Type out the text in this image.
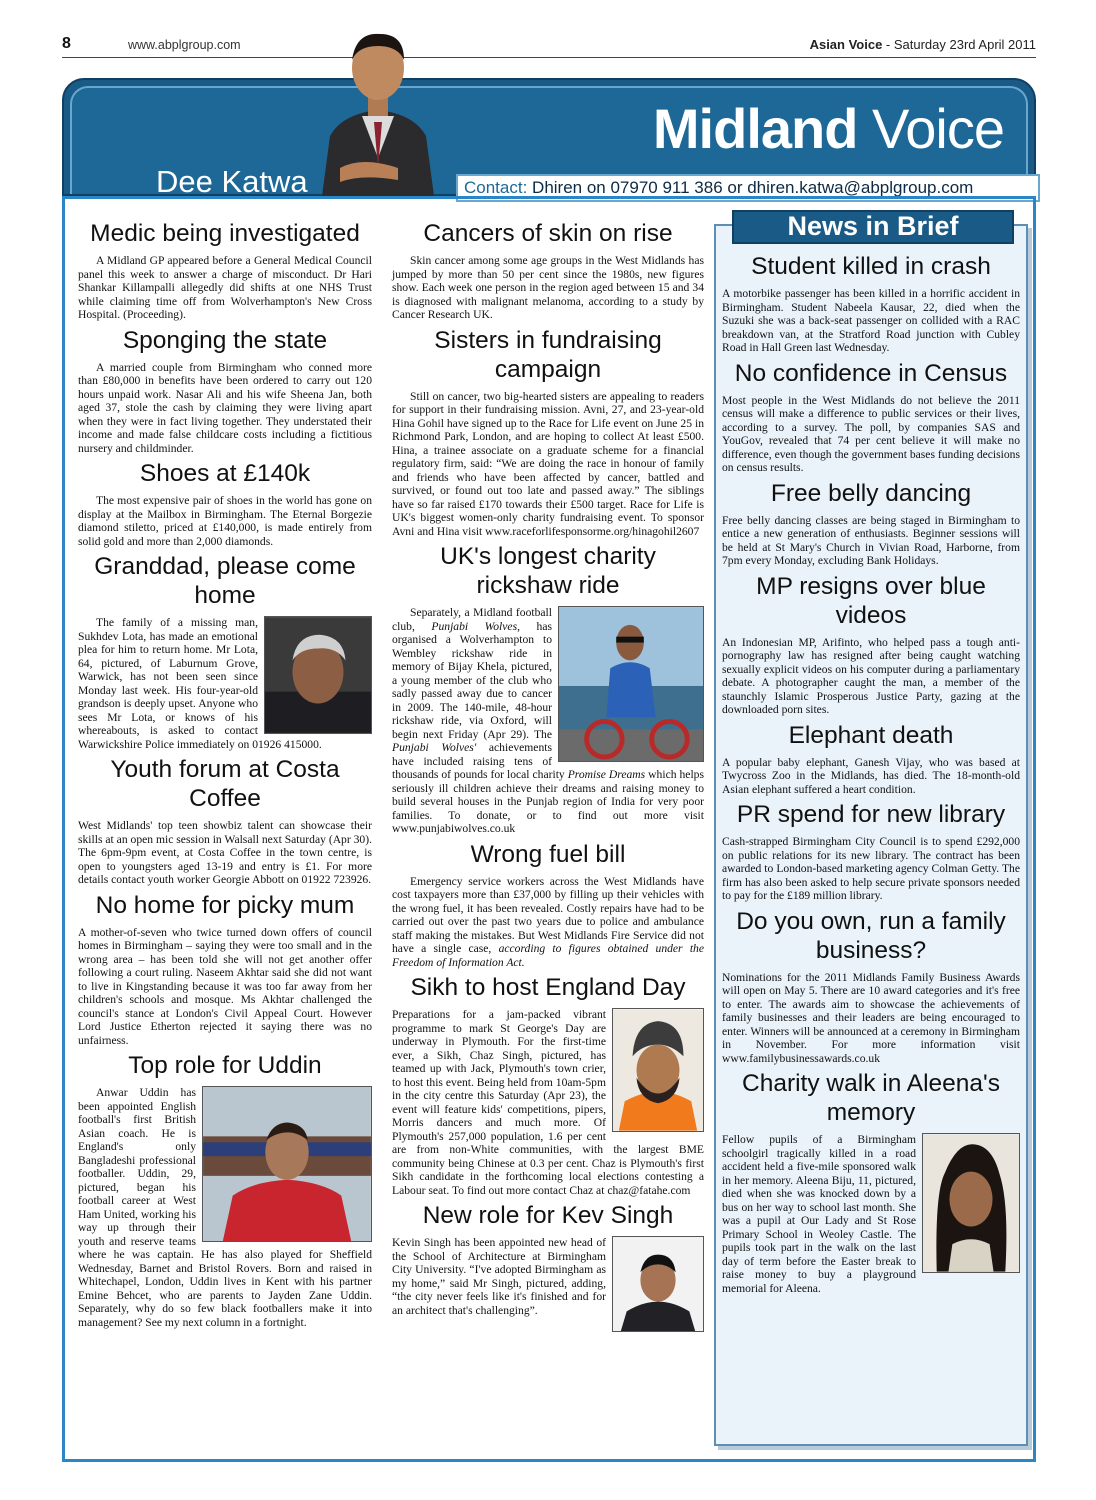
8	www.abplgroup.com	Asian Voice - Saturday 23rd April 2011
Midland Voice
Dee Katwa	Contact: Dhiren on 07970 911 386 or dhiren.katwa@abplgroup.com
Medic being investigated

A Midland GP appeared before a General Medical Council panel this week to answer a charge of misconduct. Dr Hari Shankar Killampalli allegedly did shifts at one NHS Trust while claiming time off from Wolverhampton's New Cross Hospital. (Proceeding).

Sponging the state

A married couple from Birmingham who conned more than £80,000 in benefits have been ordered to carry out 120 hours unpaid work. Nasar Ali and his wife Sheena Jan, both aged 37, stole the cash by claiming they were living apart when they were in fact living together. They understated their income and made false childcare costs including a fictitious nursery and childminder.

Shoes at £140k

The most expensive pair of shoes in the world has gone on display at the Mailbox in Birmingham. The Eternal Borgezie diamond stiletto, priced at £140,000, is made entirely from solid gold and more than 2,000 diamonds.

Granddad, please come home

The family of a missing man, Sukhdev Lota, has made an emotional plea for him to return home. Mr Lota, 64, pictured, of Laburnum Grove, Warwick, has not been seen since Monday last week. His four-year-old grandson is deeply upset. Anyone who sees Mr Lota, or knows of his whereabouts, is asked to contact Warwickshire Police immediately on 01926 415000.

Youth forum at Costa Coffee

West Midlands' top teen showbiz talent can showcase their skills at an open mic session in Walsall next Saturday (Apr 30). The 6pm-9pm event, at Costa Coffee in the town centre, is open to youngsters aged 13-19 and entry is £1. For more details contact youth worker Georgie Abbott on 01922 723926.

No home for picky mum

A mother-of-seven who twice turned down offers of council homes in Birmingham – saying they were too small and in the wrong area – has been told she will not get another offer following a court ruling. Naseem Akhtar said she did not want to live in Kingstanding because it was too far away from her children's schools and mosque. Ms Akhtar challenged the council's stance at London's Civil Appeal Court. However Lord Justice Etherton rejected it saying there was no unfairness.

Top role for Uddin

Anwar Uddin has been appointed English football's first British Asian coach. He is England's only Bangladeshi professional footballer. Uddin, 29, pictured, began his football career at West Ham United, working his way up through their youth and reserve teams where he was captain. He has also played for Sheffield Wednesday, Barnet and Bristol Rovers. Born and raised in Whitechapel, London, Uddin lives in Kent with his partner Emine Behcet, who are parents to Jayden Zane Uddin. Separately, why do so few black footballers make it into management? See my next column in a fortnight.

Cancers of skin on rise

Skin cancer among some age groups in the West Midlands has jumped by more than 50 per cent since the 1980s, new figures show. Each week one person in the region aged between 15 and 34 is diagnosed with malignant melanoma, according to a study by Cancer Research UK.

Sisters in fundraising campaign

Still on cancer, two big-hearted sisters are appealing to readers for support in their fundraising mission. Avni, 27, and 23-year-old Hina Gohil have signed up to the Race for Life event on June 25 in Richmond Park, London, and are hoping to collect At least £500. Hina, a trainee associate on a graduate scheme for a financial regulatory firm, said: “We are doing the race in honour of family and friends who have been affected by cancer, battled and survived, or found out too late and passed away.” The siblings have so far raised £170 towards their £500 target. Race for Life is UK's biggest women-only charity fundraising event. To sponsor Avni and Hina visit www.raceforlifesponsorme.org/hinagohil2607

UK's longest charity rickshaw ride

Separately, a Midland football club, Punjabi Wolves, has organised a Wolverhampton to Wembley rickshaw ride in memory of Bijay Khela, pictured, a young member of the club who sadly passed away due to cancer in 2009. The 140-mile, 48-hour rickshaw ride, via Oxford, will begin next Friday (Apr 29). The Punjabi Wolves' achievements have included raising tens of thousands of pounds for local charity Promise Dreams which helps seriously ill children achieve their dreams and raising money to build several houses in the Punjab region of India for very poor families. To donate, or to find out more visit www.punjabiwolves.co.uk

Wrong fuel bill

Emergency service workers across the West Midlands have cost taxpayers more than £37,000 by filling up their vehicles with the wrong fuel, it has been revealed. Costly repairs have had to be carried out over the past two years due to police and ambulance staff making the mistakes. But West Midlands Fire Service did not have a single case, according to figures obtained under the Freedom of Information Act.

Sikh to host England Day

Preparations for a jam-packed vibrant programme to mark St George's Day are underway in Plymouth. For the first-time ever, a Sikh, Chaz Singh, pictured, has teamed up with Jack, Plymouth's town crier, to host this event. Being held from 10am-5pm in the city centre this Saturday (Apr 23), the event will feature kids' competitions, pipers, Morris dancers and much more. Of Plymouth's 257,000 population, 1.6 per cent are from non-White communities, with the largest BME community being Chinese at 0.3 per cent. Chaz is Plymouth's first Sikh candidate in the forthcoming local elections contesting a Labour seat. To find out more contact Chaz at chaz@fatahe.com

New role for Kev Singh

Kevin Singh has been appointed new head of the School of Architecture at Birmingham City University. “I've adopted Birmingham as my home,” said Mr Singh, pictured, adding, “the city never feels like it's finished and for an architect that's challenging”.

News in Brief
Student killed in crash

A motorbike passenger has been killed in a horrific accident in Birmingham. Student Nabeela Kausar, 22, died when the Suzuki she was a back-seat passenger on collided with a RAC breakdown van, at the Stratford Road junction with Cubley Road in Hall Green last Wednesday.

No confidence in Census

Most people in the West Midlands do not believe the 2011 census will make a difference to public services or their lives, according to a survey. The poll, by companies SAS and YouGov, revealed that 74 per cent believe it will make no difference, even though the government bases funding decisions on census results.

Free belly dancing

Free belly dancing classes are being staged in Birmingham to entice a new generation of enthusiasts. Beginner sessions will be held at St Mary's Church in Vivian Road, Harborne, from 7pm every Monday, excluding Bank Holidays.

MP resigns over blue videos

An Indonesian MP, Arifinto, who helped pass a tough anti-pornography law has resigned after being caught watching sexually explicit videos on his computer during a parliamentary debate. A photographer caught the man, a member of the staunchly Islamic Prosperous Justice Party, gazing at the downloaded porn sites.

Elephant death

A popular baby elephant, Ganesh Vijay, who was based at Twycross Zoo in the Midlands, has died. The 18-month-old Asian elephant suffered a heart condition.

PR spend for new library

Cash-strapped Birmingham City Council is to spend £292,000 on public relations for its new library. The contract has been awarded to London-based marketing agency Colman Getty. The firm has also been asked to help secure private sponsors needed to pay for the £189 million library.

Do you own, run a family business?

Nominations for the 2011 Midlands Family Business Awards will open on May 5. There are 10 award categories and it's free to enter. The awards aim to showcase the achievements of family businesses and their leaders are being encouraged to enter. Winners will be announced at a ceremony in Birmingham in November. For more information visit www.familybusinessawards.co.uk

Charity walk in Aleena's memory

Fellow pupils of a Birmingham schoolgirl tragically killed in a road accident held a five-mile sponsored walk in her memory. Aleena Biju, 11, pictured, died when she was knocked down by a bus on her way to school last month. She was a pupil at Our Lady and St Rose Primary School in Weoley Castle. The pupils took part in the walk on the last day of term before the Easter break to raise money to buy a playground memorial for Aleena.
